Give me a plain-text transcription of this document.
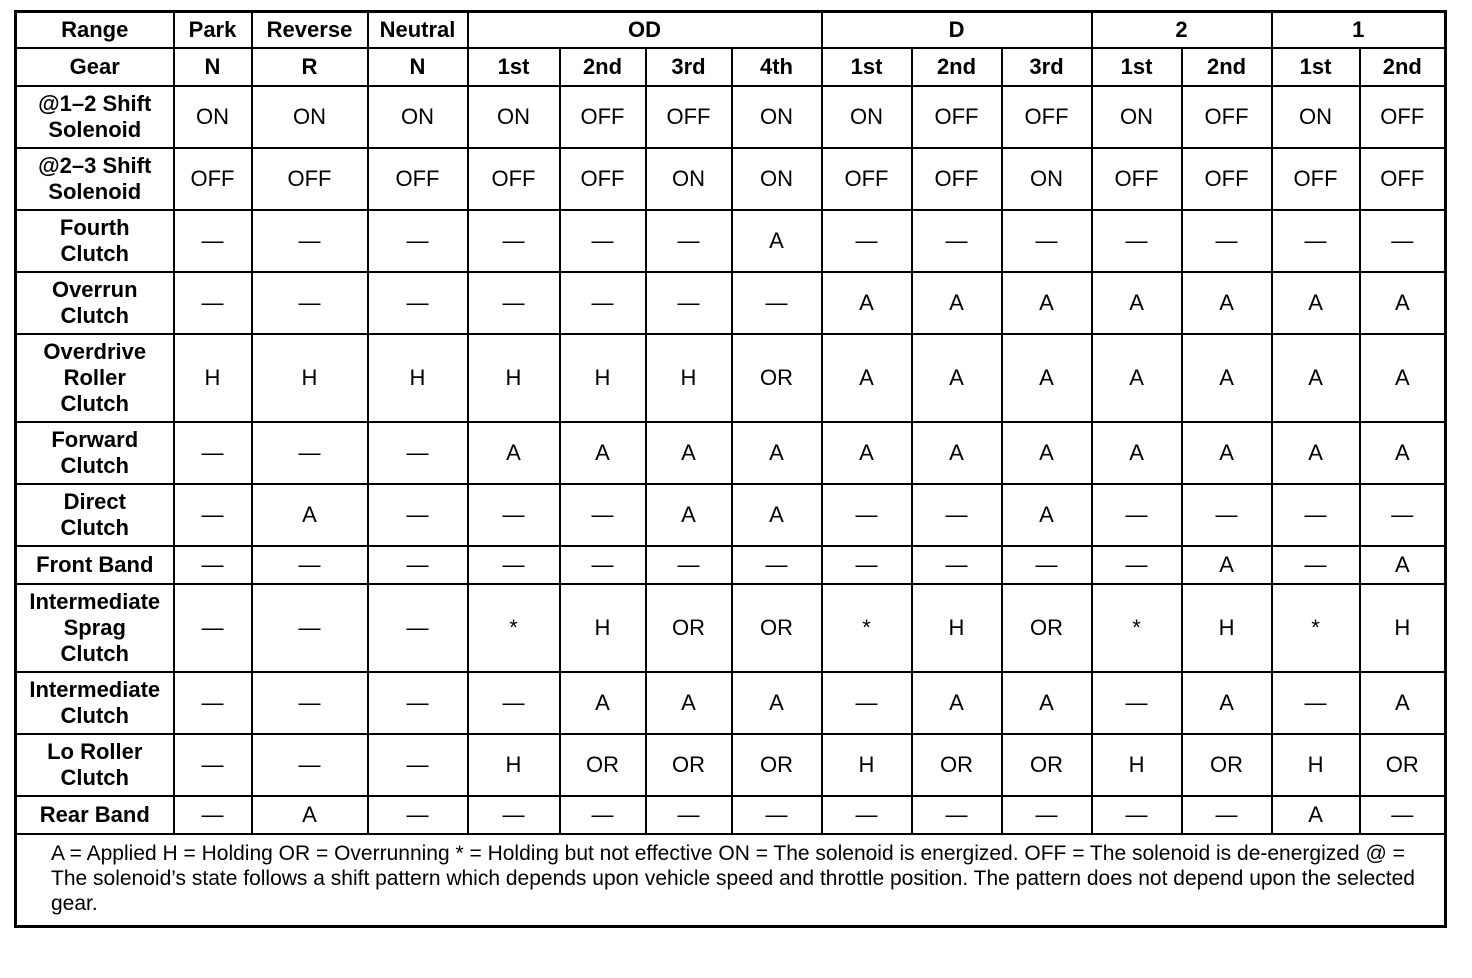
Range	Park	Reverse	Neutral	OD				D			2		1	
Gear	N	R	N	1st	2nd	3rd	4th	1st	2nd	3rd	1st	2nd	1st	2nd

@1–2 Shift
Solenoid	ON	ON	ON	ON	OFF	OFF	ON	ON	OFF	OFF	ON	OFF	ON	OFF

@2–3 Shift
Solenoid	OFF	OFF	OFF	OFF	OFF	ON	ON	OFF	OFF	ON	OFF	OFF	OFF	OFF

Fourth
Clutch	—	—	—	—	—	—	A	—	—	—	—	—	—	—

Overrun
Clutch	—	—	—	—	—	—	—	A	A	A	A	A	A	A

Overdrive
Roller
Clutch	H	H	H	H	H	H	OR	A	A	A	A	A	A	A

Forward
Clutch	—	—	—	A	A	A	A	A	A	A	A	A	A	A

Direct
Clutch	—	A	—	—	—	A	A	—	—	A	—	—	—	—

Front Band	—	—	—	—	—	—	—	—	—	—	—	A	—	A

Intermediate
Sprag
Clutch	—	—	—	*	H	OR	OR	*	H	OR	*	H	*	H

Intermediate
Clutch	—	—	—	—	A	A	A	—	A	A	—	A	—	A

Lo Roller
Clutch	—	—	—	H	OR	OR	OR	H	OR	OR	H	OR	H	OR

Rear Band	—	A	—	—	—	—	—	—	—	—	—	—	A	—
A = Applied H = Holding OR = Overrunning * = Holding but not effective ON = The solenoid is energized. OFF = The solenoid is de-energized @ = The solenoid’s state follows a shift pattern which depends upon vehicle speed and throttle position. The pattern does not depend upon the selected gear.														
